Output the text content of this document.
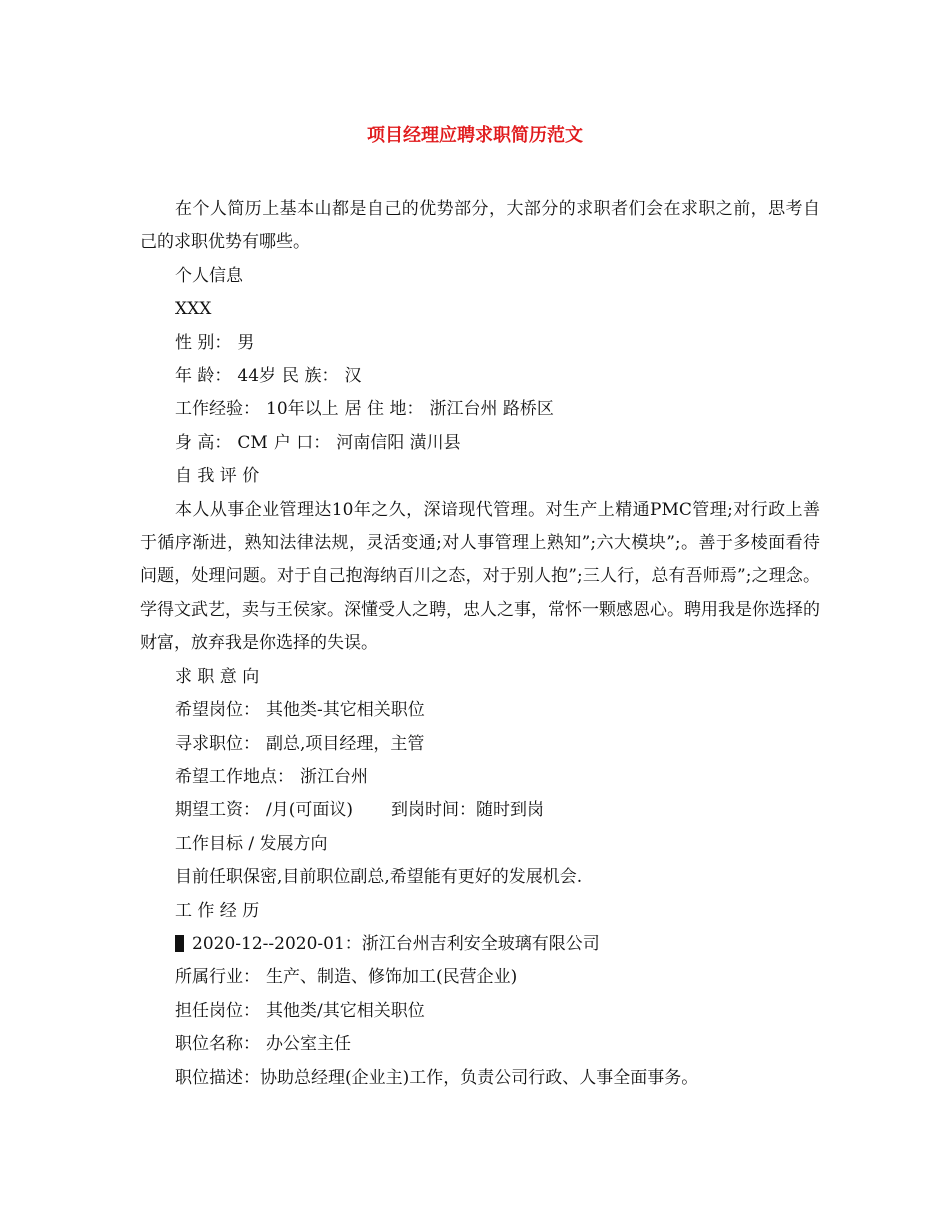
项目经理应聘求职简历范文

在个人简历上基本山都是自己的优势部分，大部分的求职者们会在求职之前，思考自己的求职优势有哪些。

个人信息

XXX

性 别： 男

年 龄： 44岁 民 族： 汉

工作经验： 10年以上 居 住 地： 浙江台州 路桥区

身 高： CM 户 口： 河南信阳 潢川县

自 我 评 价

本人从事企业管理达10年之久，深谙现代管理。对生产上精通PMC管理;对行政上善于循序渐进，熟知法律法规，灵活变通;对人事管理上熟知”;六大模块”;。善于多棱面看待问题，处理问题。对于自己抱海纳百川之态，对于别人抱”;三人行，总有吾师焉”;之理念。学得文武艺，卖与王侯家。深懂受人之聘，忠人之事，常怀一颗感恩心。聘用我是你选择的财富，放弃我是你选择的失误。

求 职 意 向

希望岗位： 其他类-其它相关职位

寻求职位： 副总,项目经理，主管

希望工作地点： 浙江台州

期望工资： /月(可面议) 到岗时间：随时到岗

工作目标 / 发展方向

目前任职保密,目前职位副总,希望能有更好的发展机会.

工 作 经 历

2020-12--2020-01：浙江台州吉利安全玻璃有限公司

所属行业： 生产、制造、修饰加工(民营企业)

担任岗位： 其他类/其它相关职位

职位名称： 办公室主任

职位描述：协助总经理(企业主)工作，负责公司行政、人事全面事务。
